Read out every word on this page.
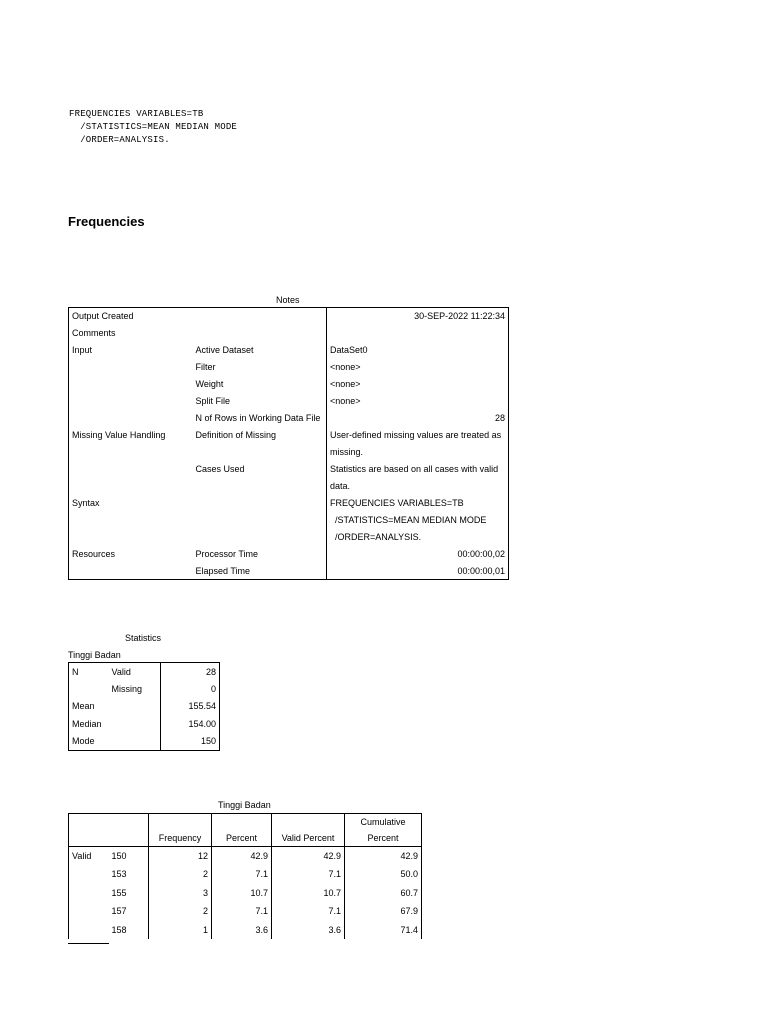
FREQUENCIES VARIABLES=TB
/STATISTICS=MEAN MEDIAN MODE
/ORDER=ANALYSIS.
Frequencies
Notes
Output Created		30-SEP-2022 11:22:34
Comments		
Input	Active Dataset	DataSet0
	Filter	<none>
	Weight	<none>
	Split File	<none>
	N of Rows in Working Data File	28
Missing Value Handling	Definition of Missing	User-defined missing values are treated as missing.
	Cases Used	Statistics are based on all cases with valid data.
Syntax		FREQUENCIES VARIABLES=TB
/STATISTICS=MEAN MEDIAN MODE
/ORDER=ANALYSIS.

Resources	Processor Time	00:00:00,02
	Elapsed Time	00:00:00,01
Statistics
Tinggi Badan
N	Valid	28
	Missing	0
Mean		155.54
Median		154.00
Mode		150
Tinggi Badan
					Cumulative
		Frequency	Percent	Valid Percent	Percent
Valid	150	12	42.9	42.9	42.9
	153	2	7.1	7.1	50.0
	155	3	10.7	10.7	60.7
	157	2	7.1	7.1	67.9
	158	1	3.6	3.6	71.4
